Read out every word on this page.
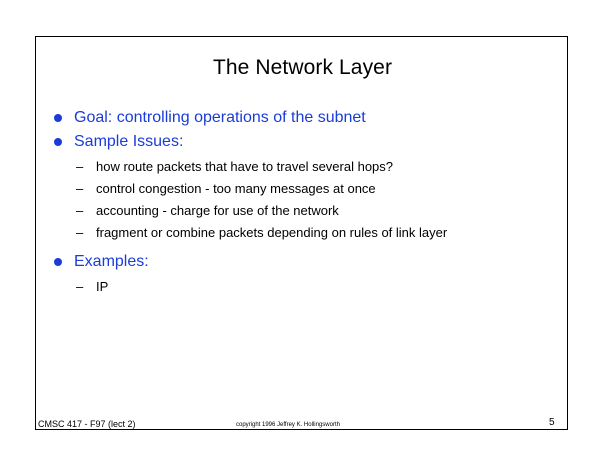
The Network Layer
Goal: controlling operations of the subnet
Sample Issues:
– how route packets that have to travel several hops?
– control congestion - too many messages at once
– accounting - charge for use of the network
– fragment or combine packets depending on rules of link layer
Examples:
– IP
CMSC 417 - F97 (lect 2)	copyright 1996 Jeffrey K. Hollingsworth	5
